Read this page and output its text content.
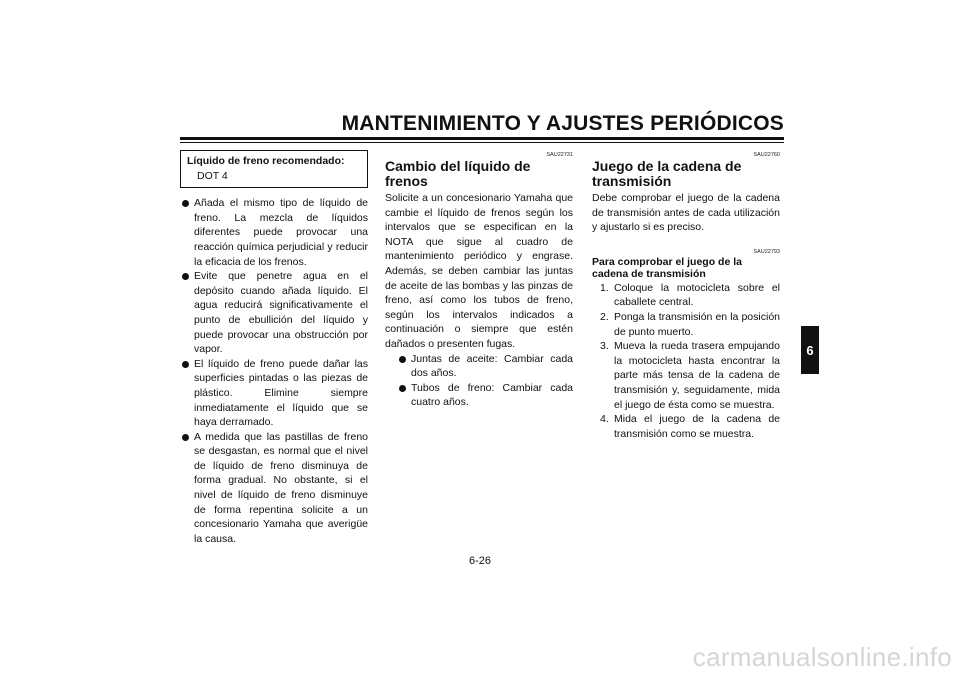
MANTENIMIENTO Y AJUSTES PERIÓDICOS
Líquido de freno recomendado:
DOT 4
Añada el mismo tipo de líquido de freno. La mezcla de líquidos diferentes puede provocar una reacción química perjudicial y reducir la eficacia de los frenos.
Evite que penetre agua en el depósito cuando añada líquido. El agua reducirá significativamente el punto de ebullición del líquido y puede provocar una obstrucción por vapor.
El líquido de freno puede dañar las superficies pintadas o las piezas de plástico. Elimine siempre inmediatamente el líquido que se haya derramado.
A medida que las pastillas de freno se desgastan, es normal que el nivel de líquido de freno disminuya de forma gradual. No obstante, si el nivel de líquido de freno disminuye de forma repentina solicite a un concesionario Yamaha que averigüe la causa.
SAU22731
Cambio del líquido de frenos
Solicite a un concesionario Yamaha que cambie el líquido de frenos según los intervalos que se especifican en la NOTA que sigue al cuadro de mantenimiento periódico y engrase. Además, se deben cambiar las juntas de aceite de las bombas y las pinzas de freno, así como los tubos de freno, según los intervalos indicados a continuación o siempre que estén dañados o presenten fugas.
Juntas de aceite: Cambiar cada dos años.
Tubos de freno: Cambiar cada cuatro años.
SAU22760
Juego de la cadena de transmisión
Debe comprobar el juego de la cadena de transmisión antes de cada utilización y ajustarlo si es preciso.
SAU22793
Para comprobar el juego de la cadena de transmisión
1. Coloque la motocicleta sobre el caballete central.
2. Ponga la transmisión en la posición de punto muerto.
3. Mueva la rueda trasera empujando la motocicleta hasta encontrar la parte más tensa de la cadena de transmisión y, seguidamente, mida el juego de ésta como se muestra.
4. Mida el juego de la cadena de transmisión como se muestra.
6
6-26
carmanualsonline.info
